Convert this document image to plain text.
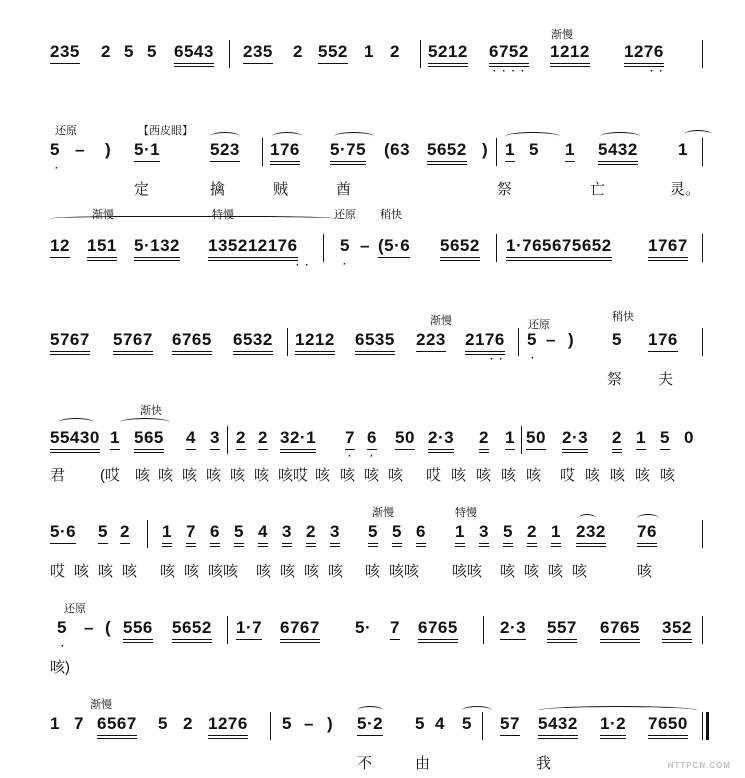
渐慢
235 2 5 5 6543 235 2 552 1 2 5212 6752
····
1212 1276
··
还原	【西皮眼】
5
·
– ) 5·1	523 176 5·75 (63 5652 ) 1 5 1 5432 1
定	擒	贼	酋	祭	亡	灵。
渐慢	特慢	还原 稍快
12 151 5·132 135212176
··
5
·
– (5·6 5652 1·765675652 1767
渐慢	还原
稍快
5767 5767 6765 6532 1212 6535 223 2176
··
5
·
– ) 5 176
祭 夫
渐快
55430 1 565 4 3 2 2 32·1 7
·
6
·
50 2·3 2 1 50 2·3 2 1 5 0
君 (哎 咳 咳 咳 咳 咳 咳 咳哎 咳 咳 咳 咳 哎 咳 咳 咳 咳 哎 咳 咳 咳 咳
渐慢	特慢
5·6 5 2 1 7 6 5 4 3 2 3 5 5 6 1 3 5 2 1 232 76
哎 咳 咳 咳 咳 咳 咳咳 咳 咳 咳 咳 咳 咳咳 咳咳 咳 咳 咳 咳	咳
还原
5
·
– ( 556 5652 1·7 6767 5· 7 6765 2·3 557 6765 352
咳)
渐慢
1 7 6567 5 2 1276 5 – ) 5·2 5 4 5 57 5432 1·2 7650
不	由	我	HTTPCN.COM
